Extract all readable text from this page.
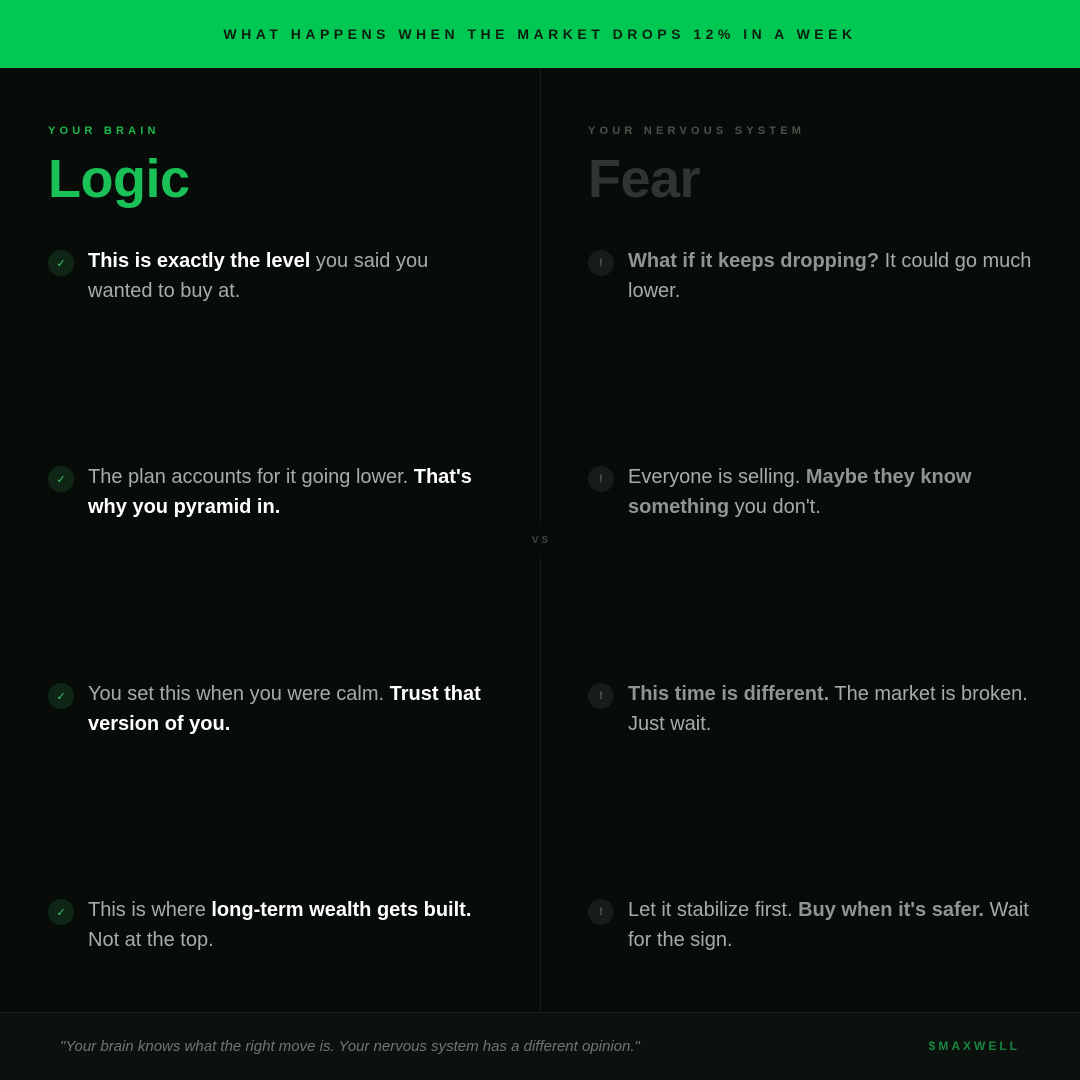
WHAT HAPPENS WHEN THE MARKET DROPS 12% IN A WEEK
VS
YOUR BRAIN
Logic
✓	This is exactly the level you said you wanted to buy at.
✓	The plan accounts for it going lower. That's why you pyramid in.
✓	You set this when you were calm. Trust that version of you.
✓	This is where long-term wealth gets built. Not at the top.
YOUR NERVOUS SYSTEM
Fear
!	What if it keeps dropping? It could go much lower.
!	Everyone is selling. Maybe they know something you don't.
!	This time is different. The market is broken. Just wait.
!	Let it stabilize first. Buy when it's safer. Wait for the sign.
"Your brain knows what the right move is. Your nervous system has a different opinion."	$MAXWELL
